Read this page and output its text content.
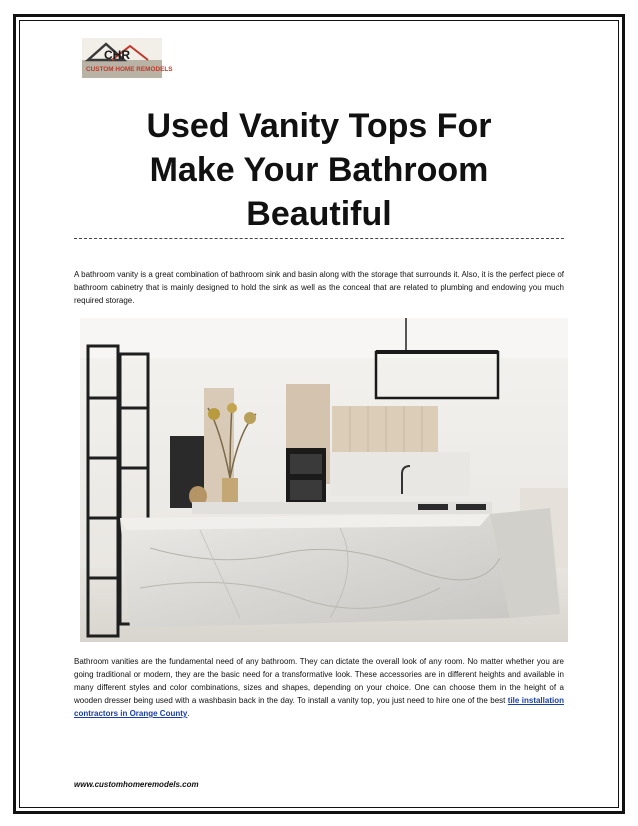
CHR
CUSTOM HOME REMODELS
Used Vanity Tops For
Make Your Bathroom
Beautiful
A bathroom vanity is a great combination of bathroom sink and basin along with the storage that surrounds it. Also, it is the perfect piece of bathroom cabinetry that is mainly designed to hold the sink as well as the conceal that are related to plumbing and endowing you much required storage.
Bathroom vanities are the fundamental need of any bathroom. They can dictate the overall look of any room. No matter whether you are going traditional or modern, they are the basic need for a transformative look. These accessories are in different heights and available in many different styles and color combinations, sizes and shapes, depending on your choice. One can choose them in the height of a wooden dresser being used with a washbasin back in the day. To install a vanity top, you just need to hire one of the best tile installation contractors in Orange County.
www.customhomeremodels.com
